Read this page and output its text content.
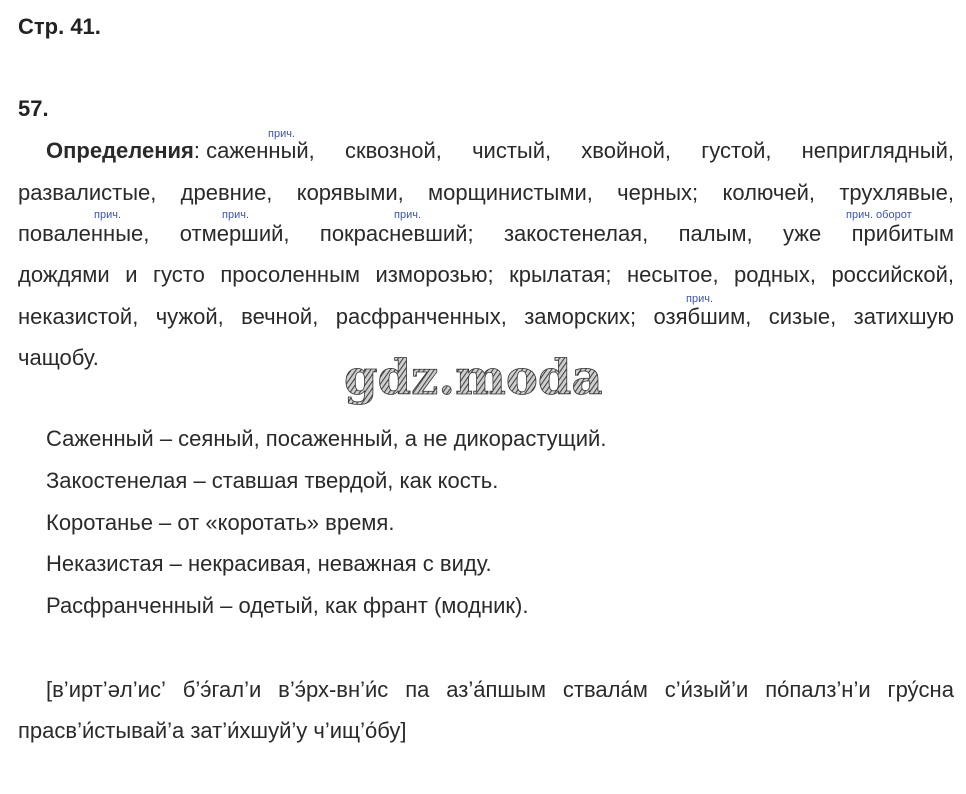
Стр. 41.
57.
прич.
прич.	прич.	прич.	прич. оборот
прич.
Определения: саженный, сквозной, чистый, хвойной, густой, неприглядный,
развалистые, древние, корявыми, морщинистыми, черных; колючей, трухлявые,
поваленные, отмерший, покрасневший; закостенелая, палым, уже прибитым
дождями и густо просоленным изморозью; крылатая; несытое, родных, российской,
неказистой, чужой, вечной, расфранченных, заморских; озябшим, сизые, затихшую
чащобу.	gdz.moda
Саженный – сеяный, посаженный, а не дикорастущий.
Закостенелая – ставшая твердой, как кость.
Коротанье – от «коротать» время.
Неказистая – некрасивая, неважная с виду.
Расфранченный – одетый, как франт (модник).
[в’ирт’әл’ис’ б’э́гал’и в’э́рх-вн’и́с па аз’а́пшым ствала́м с’и́зый’и по́палз’н’и гру́сна
прасв’и́стывай’а зат’и́хшуй’у ч’ищ’о́бу]
